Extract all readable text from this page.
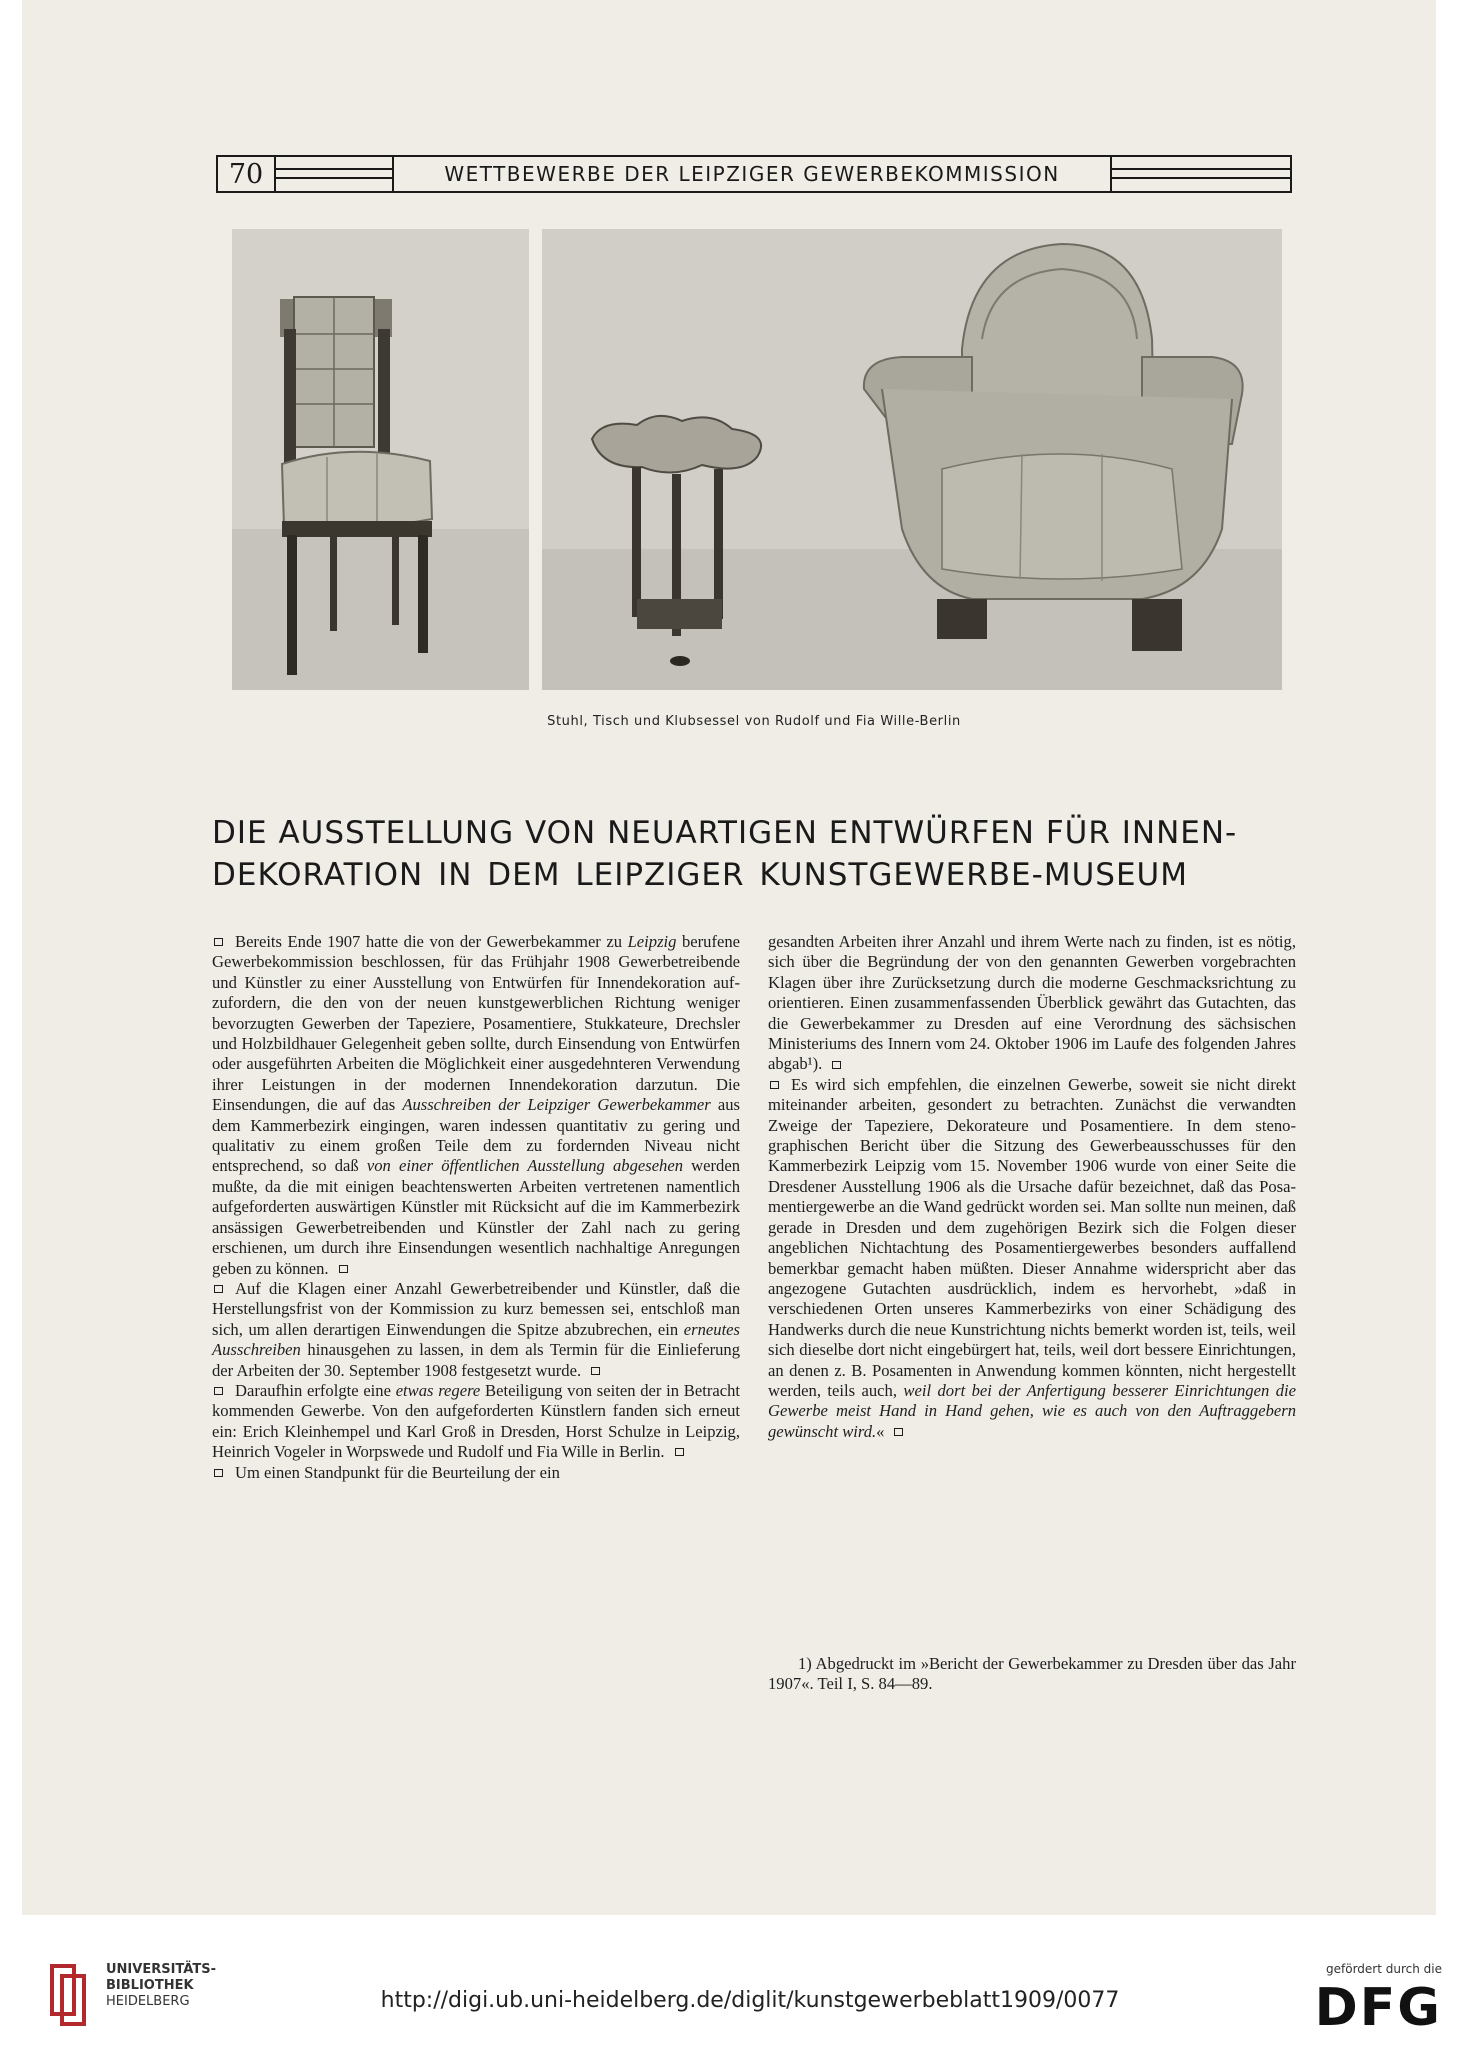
70	WETTBEWERBE DER LEIPZIGER GEWERBEKOMMISSION
Stuhl, Tisch und Klubsessel von Rudolf und Fia Wille-Berlin
DIE AUSSTELLUNG VON NEUARTIGEN ENTWÜRFEN FÜR INNEN-
DEKORATION IN DEM LEIPZIGER KUNSTGEWERBE-MUSEUM

Bereits Ende 1907 hatte die von der Gewerbekammer zu Leipzig berufene Gewerbekommission beschlossen, für das Frühjahr 1908 Gewerbetreibende und Künstler zu einer Ausstellung von Entwürfen für Innendekoration aufzufordern, die den von der neuen kunstgewerblichen Richtung weniger bevorzugten Gewerben der Tapeziere, Posamentiere, Stukkateure, Drechsler und Holzbildhauer Gelegenheit geben sollte, durch Einsendung von Entwürfen oder ausgeführten Arbeiten die Möglichkeit einer ausgedehnteren Verwendung ihrer Leistungen in der modernen Innendekoration darzutun. Die Einsendungen, die auf das Ausschreiben der Leipziger Gewerbekammer aus dem Kammerbezirk eingingen, waren indessen quantitativ zu gering und qualitativ zu einem großen Teile dem zu fordernden Niveau nicht entsprechend, so daß von einer öffentlichen Ausstellung abgesehen werden mußte, da die mit einigen beachtenswerten Arbeiten vertretenen namentlich aufgeforderten auswärtigen Künstler mit Rücksicht auf die im Kammerbezirk ansässigen Gewerbetreibenden und Künstler der Zahl nach zu gering erschienen, um durch ihre Einsendungen wesentlich nachhaltige Anregungen geben zu können.

Auf die Klagen einer Anzahl Gewerbetreibender und Künstler, daß die Herstellungsfrist von der Kommission zu kurz bemessen sei, entschloß man sich, um allen derartigen Einwendungen die Spitze abzubrechen, ein erneutes Ausschreiben hinausgehen zu lassen, in dem als Termin für die Einlieferung der Arbeiten der 30. September 1908 festgesetzt wurde.

Daraufhin erfolgte eine etwas regere Beteiligung von seiten der in Betracht kommenden Gewerbe. Von den aufgeforderten Künstlern fanden sich erneut ein: Erich Kleinhempel und Karl Groß in Dresden, Horst Schulze in Leipzig, Heinrich Vogeler in Worpswede und Rudolf und Fia Wille in Berlin.

Um einen Standpunkt für die Beurteilung der ein

gesandten Arbeiten ihrer Anzahl und ihrem Werte nach zu finden, ist es nötig, sich über die Begründung der von den genannten Gewerben vorgebrachten Klagen über ihre Zurücksetzung durch die moderne Geschmacksrichtung zu orientieren. Einen zusammenfassenden Überblick gewährt das Gutachten, das die Gewerbekammer zu Dresden auf eine Verordnung des sächsischen Ministeriums des Innern vom 24. Oktober 1906 im Laufe des folgenden Jahres abgab¹).

Es wird sich empfehlen, die einzelnen Gewerbe, soweit sie nicht direkt miteinander arbeiten, gesondert zu betrachten. Zunächst die verwandten Zweige der Tapeziere, Dekorateure und Posamentiere. In dem stenographischen Bericht über die Sitzung des Gewerbeausschusses für den Kammerbezirk Leipzig vom 15. November 1906 wurde von einer Seite die Dresdener Ausstellung 1906 als die Ursache dafür bezeichnet, daß das Posamentiergewerbe an die Wand gedrückt worden sei. Man sollte nun meinen, daß gerade in Dresden und dem zugehörigen Bezirk sich die Folgen dieser angeblichen Nichtachtung des Posamentiergewerbes besonders auffallend bemerkbar gemacht haben müßten. Dieser Annahme widerspricht aber das angezogene Gutachten ausdrücklich, indem es hervorhebt, »daß in verschiedenen Orten unseres Kammerbezirks von einer Schädigung des Handwerks durch die neue Kunstrichtung nichts bemerkt worden ist, teils, weil sich dieselbe dort nicht eingebürgert hat, teils, weil dort bessere Einrichtungen, an denen z. B. Posamenten in Anwendung kommen könnten, nicht hergestellt werden, teils auch, weil dort bei der Anfertigung besserer Einrichtungen die Gewerbe meist Hand in Hand gehen, wie es auch von den Auftraggebern gewünscht wird.«

1) Abgedruckt im »Bericht der Gewerbekammer zu Dresden über das Jahr 1907«. Teil I, S. 84—89.
UNIVERSITÄTS-
BIBLIOTHEK
HEIDELBERG	http://digi.ub.uni-heidelberg.de/diglit/kunstgewerbeblatt1909/0077
gefördert durch die
DFG
